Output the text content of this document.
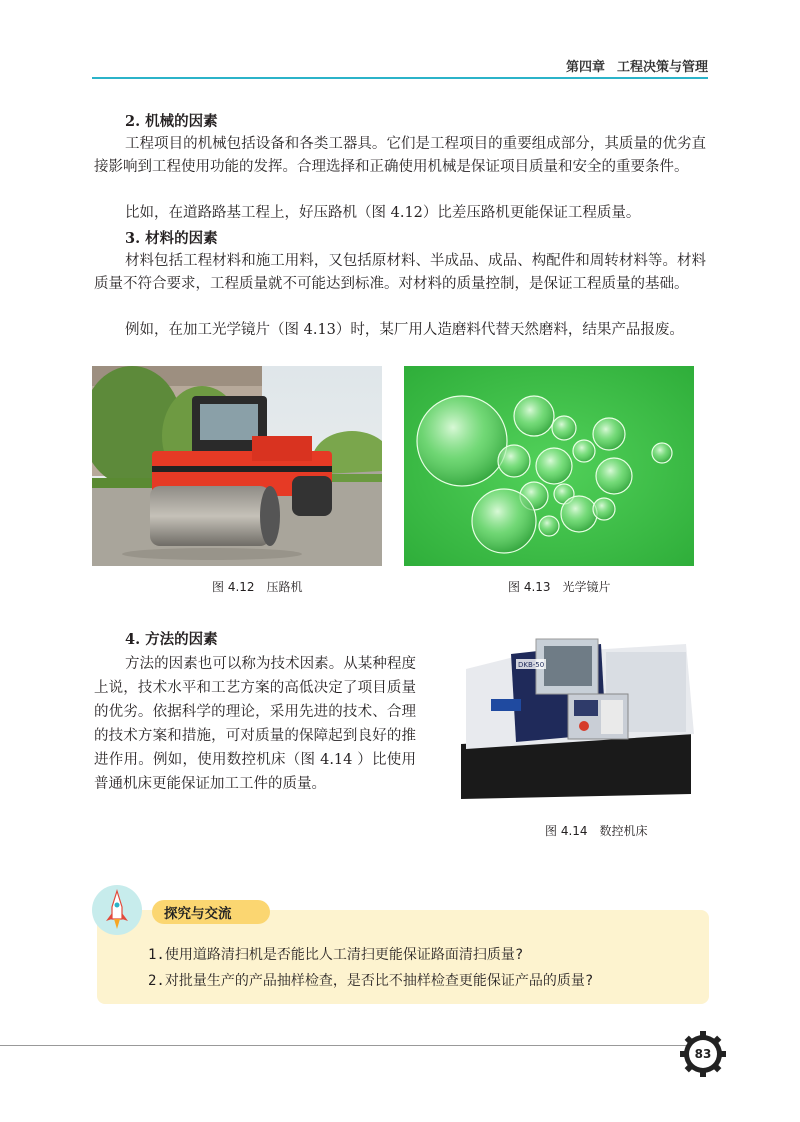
第四章 工程决策与管理
2. 机械的因素

工程项目的机械包括设备和各类工器具。它们是工程项目的重要组成部分，其质量的优劣直接影响到工程使用功能的发挥。合理选择和正确使用机械是保证项目质量和安全的重要条件。

比如，在道路路基工程上，好压路机（图 4.12）比差压路机更能保证工程质量。

3. 材料的因素

材料包括工程材料和施工用料，又包括原材料、半成品、成品、构配件和周转材料等。材料质量不符合要求，工程质量就不可能达到标准。对材料的质量控制，是保证工程质量的基础。

例如，在加工光学镜片（图 4.13）时，某厂用人造磨料代替天然磨料，结果产品报废。

图 4.12　压路机	图 4.13　光学镜片
4. 方法的因素

方法的因素也可以称为技术因素。从某种程度上说，技术水平和工艺方案的高低决定了项目质量的优劣。依据科学的理论，采用先进的技术、合理的技术方案和措施，可对质量的保障起到良好的推进作用。例如，使用数控机床（图 4.14 ）比使用普通机床更能保证加工工件的质量。

DKB-50
图 4.14　数控机床
探究与交流
1.使用道路清扫机是否能比人工清扫更能保证路面清扫质量?
2.对批量生产的产品抽样检查，是否比不抽样检查更能保证产品的质量?
83
